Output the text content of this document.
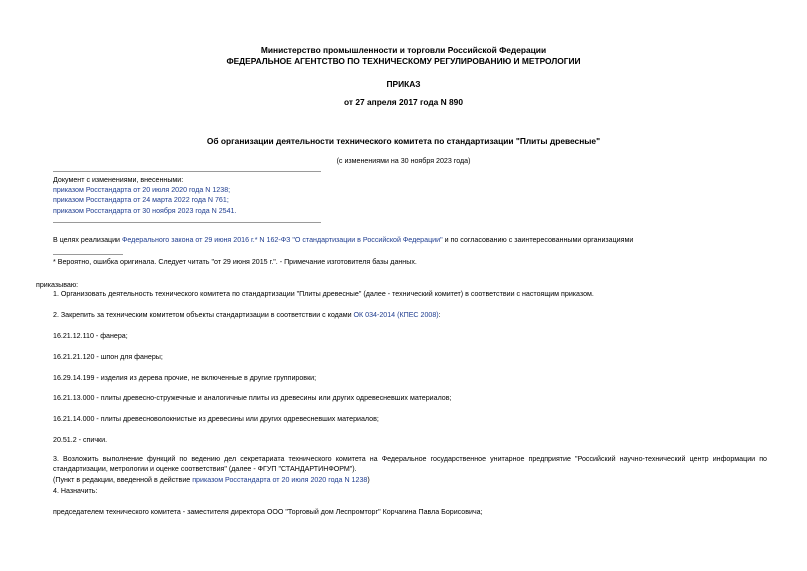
Министерство промышленности и торговли Российской Федерации
ФЕДЕРАЛЬНОЕ АГЕНТСТВО ПО ТЕХНИЧЕСКОМУ РЕГУЛИРОВАНИЮ И МЕТРОЛОГИИ
ПРИКАЗ
от 27 апреля 2017 года N 890
Об организации деятельности технического комитета по стандартизации "Плиты древесные"
(с изменениями на 30 ноября 2023 года)
Документ с изменениями, внесенными:
приказом Росстандарта от 20 июля 2020 года N 1238;
приказом Росстандарта от 24 марта 2022 года N 761;
приказом Росстандарта от 30 ноября 2023 года N 2541.
В целях реализации Федерального закона от 29 июня 2016 г.* N 162-ФЗ "О стандартизации в Российской Федерации" и по согласованию с заинтересованными организациями
* Вероятно, ошибка оригинала. Следует читать "от 29 июня 2015 г.". - Примечание изготовителя базы данных.
приказываю:
1. Организовать деятельность технического комитета по стандартизации "Плиты древесные" (далее - технический комитет) в соответствии с настоящим приказом.
2. Закрепить за техническим комитетом объекты стандартизации в соответствии с кодами ОК 034-2014 (КПЕС 2008):
16.21.12.110 - фанера;
16.21.21.120 - шпон для фанеры;
16.29.14.199 - изделия из дерева прочие, не включенные в другие группировки;
16.21.13.000 - плиты древесно-стружечные и аналогичные плиты из древесины или других одревесневших материалов;
16.21.14.000 - плиты древесноволокнистые из древесины или других одревесневших материалов;
20.51.2 - спички.
3. Возложить выполнение функций по ведению дел секретариата технического комитета на Федеральное государственное унитарное предприятие "Российский научно-технический центр информации по стандартизации, метрологии и оценке соответствия" (далее - ФГУП "СТАНДАРТИНФОРМ").
(Пункт в редакции, введенной в действие приказом Росстандарта от 20 июля 2020 года N 1238)
4. Назначить:
председателем технического комитета - заместителя директора ООО "Торговый дом Леспромторг" Корчагина Павла Борисовича;
